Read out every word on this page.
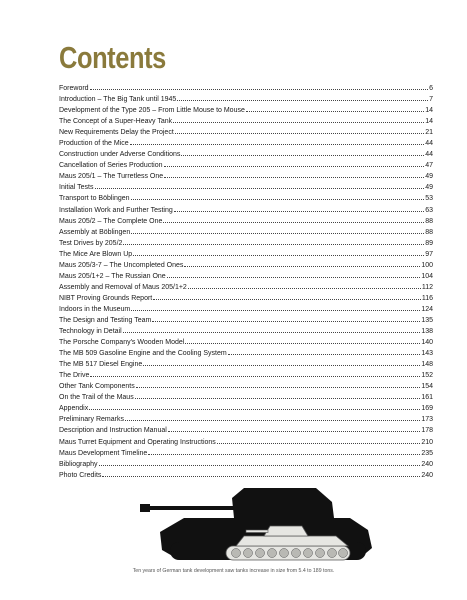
Contents
Foreword	6
Introduction – The Big Tank until 1945	7
Development of the Type 205 – From Little Mouse to Mouse	14
The Concept of a Super-Heavy Tank	14
New Requirements Delay the Project	21
Production of the Mice	44
Construction under Adverse Conditions	44
Cancellation of Series Production	47
Maus 205/1 – The Turretless One	49
Initial Tests	49
Transport to Böblingen	53
Installation Work and Further Testing	63
Maus 205/2 – The Complete One	88
Assembly at Böblingen	88
Test Drives by 205/2	89
The Mice Are Blown Up	97
Maus 205/3-7 – The Uncompleted Ones	100
Maus 205/1+2 – The Russian One	104
Assembly and Removal of Maus 205/1+2	112
NIBT Proving Grounds Report	116
Indoors in the Museum	124
The Design and Testing Team	135
Technology in Detail	138
The Porsche Company's Wooden Model	140
The MB 509 Gasoline Engine and the Cooling System	143
The MB 517 Diesel Engine	148
The Drive	152
Other Tank Components	154
On the Trail of the Maus	161
Appendix	169
Preliminary Remarks	173
Description and Instruction Manual	178
Maus Turret Equipment and Operating Instructions	210
Maus Development Timeline	235
Bibliography	240
Photo Credits	240
Ten years of German tank development saw tanks increase in size from 5.4 to 189 tons.
